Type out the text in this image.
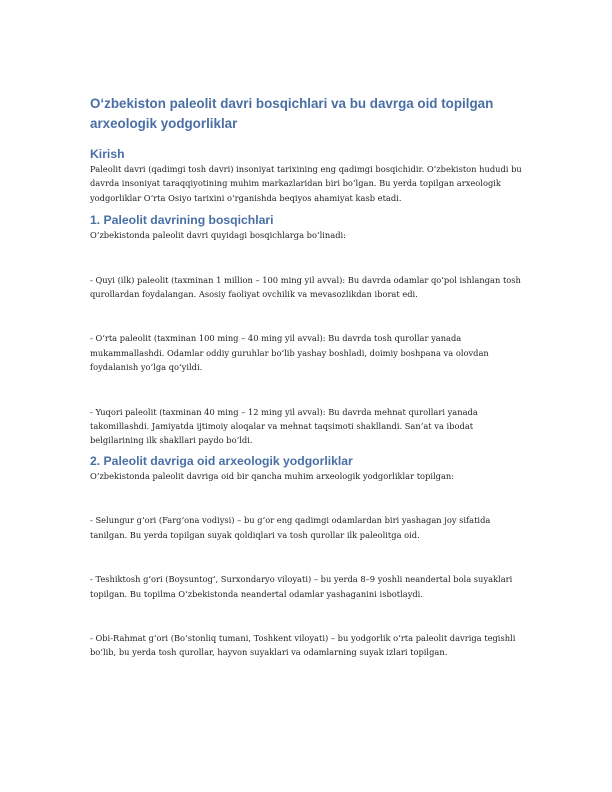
O‘zbekiston paleolit davri bosqichlari va bu davrga oid topilgan arxeologik yodgorliklar
Kirish
Paleolit davri (qadimgi tosh davri) insoniyat tarixining eng qadimgi bosqichidir. O‘zbekiston hududi bu davrda insoniyat taraqqiyotining muhim markazlaridan biri bo‘lgan. Bu yerda topilgan arxeologik yodgorliklar O‘rta Osiyo tarixini o‘rganishda beqiyos ahamiyat kasb etadi.
1. Paleolit davrining bosqichlari
O‘zbekistonda paleolit davri quyidagi bosqichlarga bo‘linadi:
- Quyi (ilk) paleolit (taxminan 1 million – 100 ming yil avval): Bu davrda odamlar qo‘pol ishlangan tosh qurollardan foydalangan. Asosiy faoliyat ovchilik va mevasozlikdan iborat edi.
- O‘rta paleolit (taxminan 100 ming – 40 ming yil avval): Bu davrda tosh qurollar yanada mukammallashdi. Odamlar oddiy guruhlar bo‘lib yashay boshladi, doimiy boshpana va olovdan foydalanish yo‘lga qo‘yildi.
- Yuqori paleolit (taxminan 40 ming – 12 ming yil avval): Bu davrda mehnat qurollari yanada takomillashdi. Jamiyatda ijtimoiy aloqalar va mehnat taqsimoti shakllandi. San’at va ibodat belgilarining ilk shakllari paydo bo‘ldi.
2. Paleolit davriga oid arxeologik yodgorliklar
O‘zbekistonda paleolit davriga oid bir qancha muhim arxeologik yodgorliklar topilgan:
- Selungur g‘ori (Farg‘ona vodiysi) – bu g‘or eng qadimgi odamlardan biri yashagan joy sifatida tanilgan. Bu yerda topilgan suyak qoldiqlari va tosh qurollar ilk paleolitga oid.
- Teshiktosh g‘ori (Boysuntog‘, Surxondaryo viloyati) – bu yerda 8–9 yoshli neandertal bola suyaklari topilgan. Bu topilma O‘zbekistonda neandertal odamlar yashaganini isbotlaydi.
- Obi-Rahmat g‘ori (Bo‘stonliq tumani, Toshkent viloyati) – bu yodgorlik o‘rta paleolit davriga tegishli bo‘lib, bu yerda tosh qurollar, hayvon suyaklari va odamlarning suyak izlari topilgan.
